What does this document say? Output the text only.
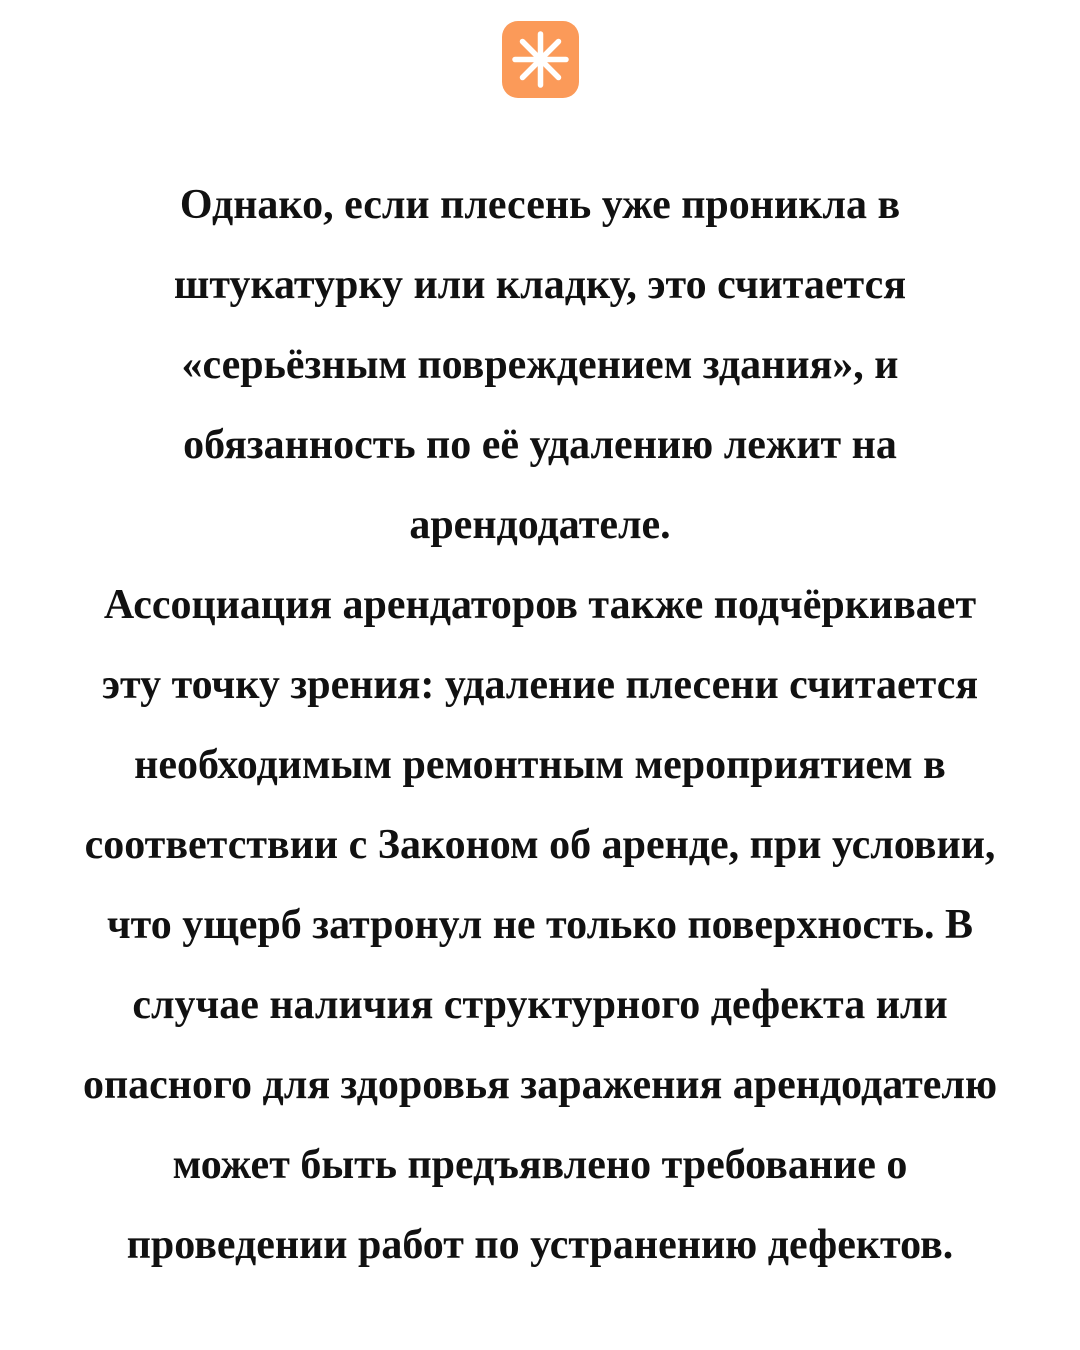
Однако, если плесень уже проникла в
штукатурку или кладку, это считается
«серьёзным повреждением здания», и
обязанность по её удалению лежит на
арендодателе.
Ассоциация арендаторов также подчёркивает
эту точку зрения: удаление плесени считается
необходимым ремонтным мероприятием в
соответствии с Законом об аренде, при условии,
что ущерб затронул не только поверхность. В
случае наличия структурного дефекта или
опасного для здоровья заражения арендодателю
может быть предъявлено требование о
проведении работ по устранению дефектов.
